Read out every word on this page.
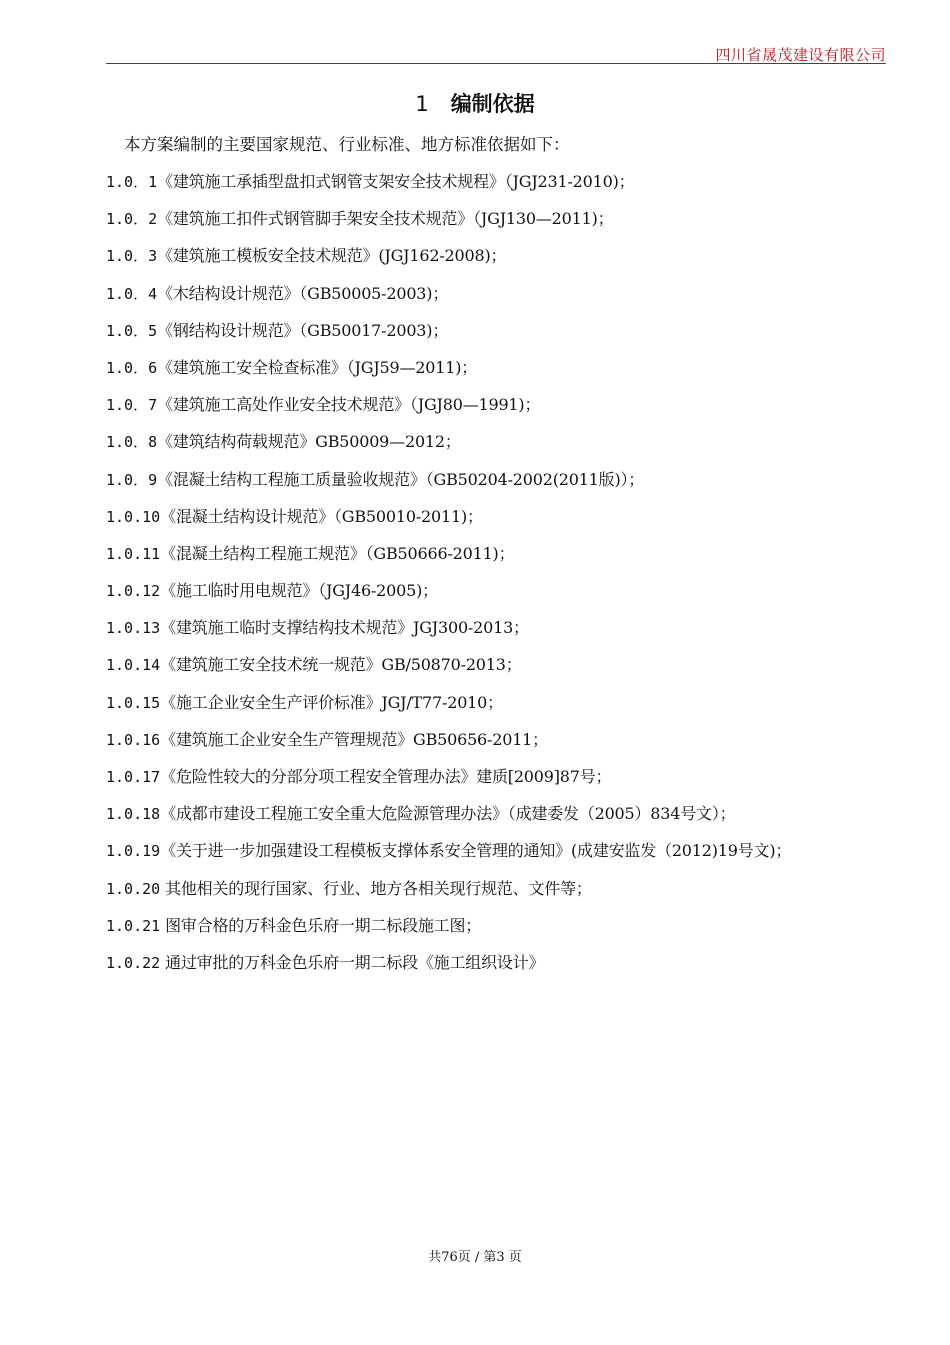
四川省晟茂建设有限公司
1 编制依据
本方案编制的主要国家规范、行业标准、地方标准依据如下：
1.0．1《建筑施工承插型盘扣式钢管支架安全技术规程》（JGJ231-2010)；
1.0．2《建筑施工扣件式钢管脚手架安全技术规范》（JGJ130—2011)；
1.0．3《建筑施工模板安全技术规范》(JGJ162-2008)；
1.0．4《木结构设计规范》（GB50005-2003)；
1.0．5《钢结构设计规范》（GB50017-2003)；
1.0．6《建筑施工安全检查标准》（JGJ59—2011)；
1.0．7《建筑施工高处作业安全技术规范》（JGJ80—1991)；
1.0．8《建筑结构荷载规范》GB50009—2012；
1.0．9《混凝土结构工程施工质量验收规范》（GB50204-2002(2011版)）；
1.0.10《混凝土结构设计规范》（GB50010-2011)；
1.0.11《混凝土结构工程施工规范》（GB50666-2011)；
1.0.12《施工临时用电规范》（JGJ46-2005)；
1.0.13《建筑施工临时支撑结构技术规范》JGJ300-2013；
1.0.14《建筑施工安全技术统一规范》GB/50870-2013；
1.0.15《施工企业安全生产评价标准》JGJ/T77-2010；
1.0.16《建筑施工企业安全生产管理规范》GB50656-2011；
1.0.17《危险性较大的分部分项工程安全管理办法》建质[2009]87号；
1.0.18《成都市建设工程施工安全重大危险源管理办法》（成建委发（2005）834号文）；
1.0.19《关于进一步加强建设工程模板支撑体系安全管理的通知》(成建安监发（2012)19号文)；
1.0.20 其他相关的现行国家、行业、地方各相关现行规范、文件等；
1.0.21 图审合格的万科金色乐府一期二标段施工图；
1.0.22 通过审批的万科金色乐府一期二标段《施工组织设计》
共76页 / 第3 页
